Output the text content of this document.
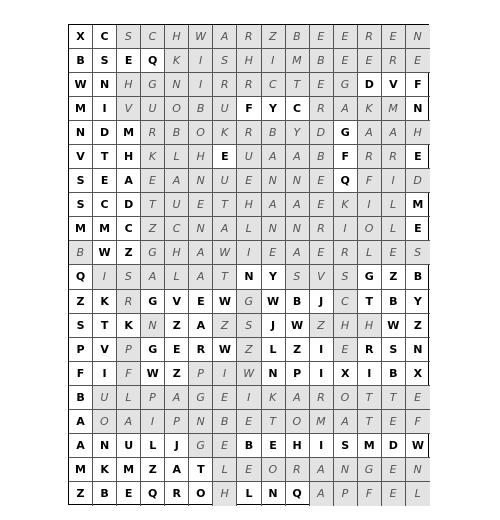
X	C	S	C	H	W	A	R	Z	B	E	E	R	E	N
B	S	E	Q	K	I	S	H	I	M	B	E	E	R	E
W	N	H	G	N	I	R	R	C	T	E	G	D	V	F
M	I	V	U	O	B	U	F	Y	C	R	A	K	M	N
N	D	M	R	B	O	K	R	B	Y	D	G	A	A	H
V	T	H	K	L	H	E	U	A	A	B	F	R	R	E
S	E	A	E	A	N	U	E	N	N	E	Q	F	I	D
S	C	D	T	U	E	T	H	A	A	E	K	I	L	M
M	M	C	Z	C	N	A	L	N	N	R	I	O	L	E
B	W	Z	G	H	A	W	I	E	A	E	R	L	E	S
Q	I	S	A	L	A	T	N	Y	S	V	S	G	Z	B
Z	K	R	G	V	E	W	G	W	B	J	C	T	B	Y
S	T	K	N	Z	A	Z	S	J	W	Z	H	H	W	Z
P	V	P	G	E	R	W	Z	L	Z	I	E	R	S	N
F	I	F	W	Z	P	I	W	N	P	I	X	I	B	X
B	U	L	P	A	G	E	I	K	A	R	O	T	T	E
A	O	A	I	P	N	B	E	T	O	M	A	T	E	F
A	N	U	L	J	G	E	B	E	H	I	S	M	D	W
M	K	M	Z	A	T	L	E	O	R	A	N	G	E	N
Z	B	E	Q	R	O	H	L	N	Q	A	P	F	E	L
